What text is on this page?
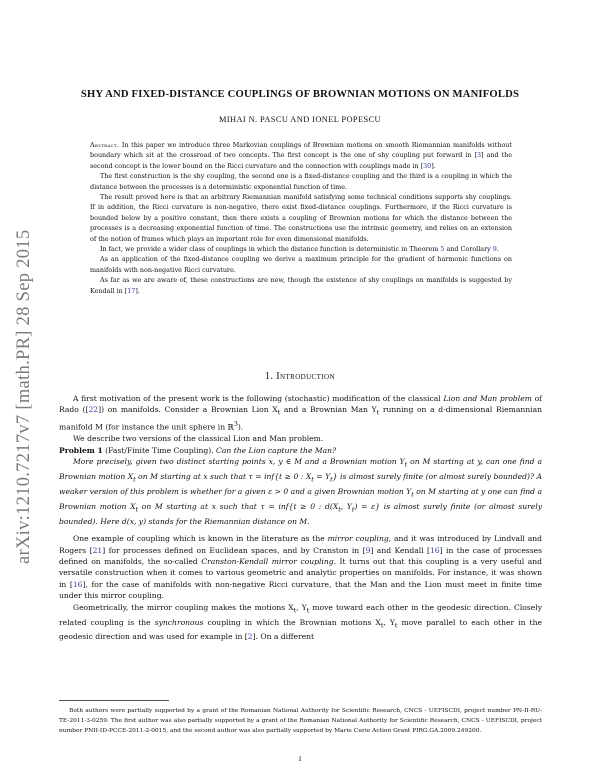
arXiv:1210.7217v7 [math.PR] 28 Sep 2015
SHY AND FIXED-DISTANCE COUPLINGS OF BROWNIAN MOTIONS ON MANIFOLDS
MIHAI N. PASCU AND IONEL POPESCU

Abstract. In this paper we introduce three Markovian couplings of Brownian motions on smooth Riemannian manifolds without boundary which sit at the crossroad of two concepts. The first concept is the one of shy coupling put forward in [3] and the second concept is the lower bound on the Ricci curvature and the connection with couplings made in [30].

The first construction is the shy coupling, the second one is a fixed-distance coupling and the third is a coupling in which the distance between the processes is a deterministic exponential function of time.

The result proved here is that an arbitrary Riemannian manifold satisfying some technical conditions supports shy couplings. If in addition, the Ricci curvature is non-negative, there exist fixed-distance couplings. Furthermore, if the Ricci curvature is bounded below by a positive constant, then there exists a coupling of Brownian motions for which the distance between the processes is a decreasing exponential function of time. The constructions use the intrinsic geometry, and relies on an extension of the notion of frames which plays an important role for even dimensional manifolds.

In fact, we provide a wider class of couplings in which the distance function is deterministic in Theorem 5 and Corollary 9.

As an application of the fixed-distance coupling we derive a maximum principle for the gradient of harmonic functions on manifolds with non-negative Ricci curvature.

As far as we are aware of, these constructions are new, though the existence of shy couplings on manifolds is suggested by Kendall in [17].

1. Introduction

A first motivation of the present work is the following (stochastic) modification of the classical Lion and Man problem of Rado ([22]) on manifolds. Consider a Brownian Lion $X_t$ and a Brownian Man $Y_t$ running on a d-dimensional Riemannian manifold M (for instance the unit sphere in ℝ$^3$).

We describe two versions of the classical Lion and Man problem.

Problem 1 (Fast/Finite Time Coupling). Can the Lion capture the Man?

More precisely, given two distinct starting points x, y ∈ M and a Brownian motion $Y_t$ on M starting at y, can one find a Brownian motion $X_t$ on M starting at x such that τ = inf{t ≥ 0 : $X_t = Y_t$} is almost surely finite (or almost surely bounded)? A weaker version of this problem is whether for a given ε > 0 and a given Brownian motion $Y_t$ on M starting at y one can find a Brownian motion $X_t$ on M starting at x such that τ = inf{t ≥ 0 : $d(X_t$, $Y_t) = \varepsilon$} is almost surely finite (or almost surely bounded). Here d(x, y) stands for the Riemannian distance on M.

One example of coupling which is known in the literature as the mirror coupling, and it was introduced by Lindvall and Rogers [21] for processes defined on Euclidean spaces, and by Cranston in [9] and Kendall [16] in the case of processes defined on manifolds, the so-called Cranston-Kendall mirror coupling. It turns out that this coupling is a very useful and versatile construction when it comes to various geometric and analytic properties on manifolds. For instance, it was shown in [16], for the case of manifolds with non-negative Ricci curvature, that the Man and the Lion must meet in finite time under this mirror coupling.

Geometrically, the mirror coupling makes the motions $X_t$, $Y_t$ move toward each other in the geodesic direction. Closely related coupling is the synchronous coupling in which the Brownian motions $X_t$, $Y_t$ move parallel to each other in the geodesic direction and was used for example in [2]. On a different

Both authors were partially supported by a grant of the Romanian National Authority for Scientific Research, CNCS - UEFISCDI, project number PN-II-RU-TE-2011-3-0259. The first author was also partially supported by a grant of the Romanian National Authority for Scientific Research, CNCS - UEFISCDI, project number PNII-ID-PCCE-2011-2-0015, and the second author was also partially supported by Marie Curie Action Grant PIRG.GA.2009.249200.

1
